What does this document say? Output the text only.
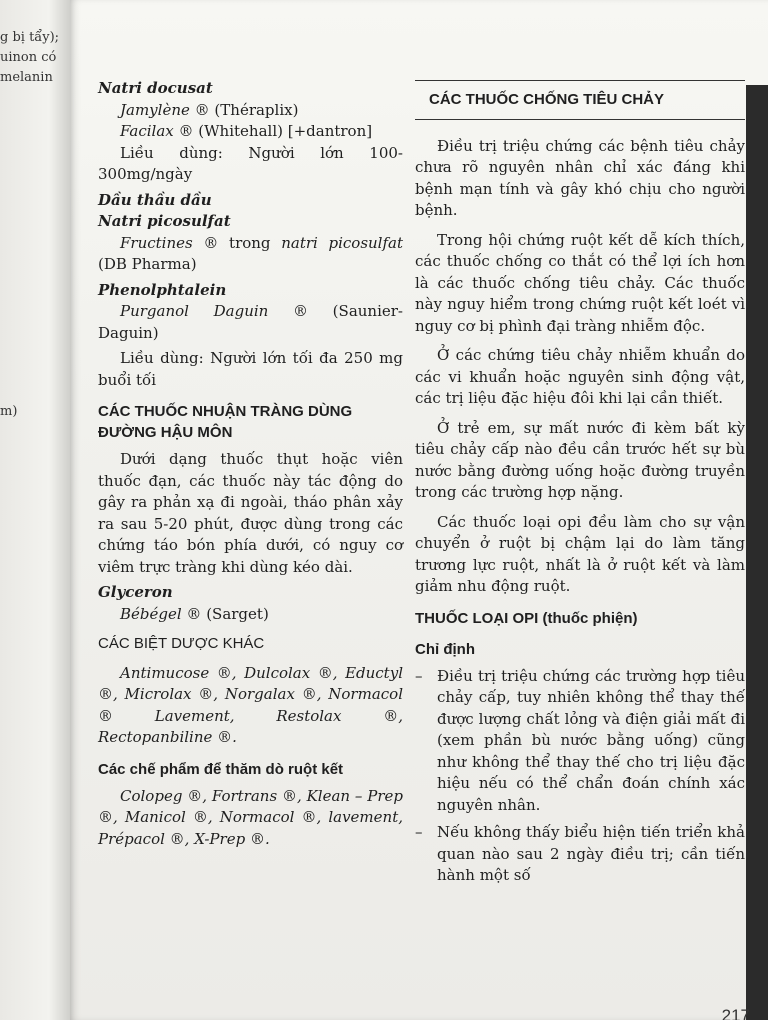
g bị tẩy);
uinon có
melanin
m)
Natri docusat
Jamylène ® (Théraplix)
Facilax ® (Whitehall) [+dantron]
Liều dùng: Người lớn 100-300mg/ngày
Dầu thầu dầu
Natri picosulfat
Fructines ® trong natri picosulfat (DB Pharma)
Phenolphtalein
Purganol Daguin ® (Saunier-Daguin)
Liều dùng: Người lớn tối đa 250 mg buổi tối
CÁC THUỐC NHUẬN TRÀNG DÙNG ĐƯỜNG HẬU MÔN
Dưới dạng thuốc thụt hoặc viên thuốc đạn, các thuốc này tác động do gây ra phản xạ đi ngoài, tháo phân xảy ra sau 5-20 phút, được dùng trong các chứng táo bón phía dưới, có nguy cơ viêm trực tràng khi dùng kéo dài.
Glyceron
Bébégel ® (Sarget)
CÁC BIỆT DƯỢC KHÁC
Antimucose ®, Dulcolax ®, Eductyl ®, Microlax ®, Norgalax ®, Normacol ® Lavement, Restolax ®, Rectopanbiline ®.
Các chế phẩm để thăm dò ruột kết
Colopeg ®, Fortrans ®, Klean – Prep ®, Manicol ®, Normacol ®, lavement, Prépacol ®, X-Prep ®.
CÁC THUỐC CHỐNG TIÊU CHẢY
Điều trị triệu chứng các bệnh tiêu chảy chưa rõ nguyên nhân chỉ xác đáng khi bệnh mạn tính và gây khó chịu cho người bệnh.
Trong hội chứng ruột kết dễ kích thích, các thuốc chống co thắt có thể lợi ích hơn là các thuốc chống tiêu chảy. Các thuốc này nguy hiểm trong chứng ruột kết loét vì nguy cơ bị phình đại tràng nhiễm độc.
Ở các chứng tiêu chảy nhiễm khuẩn do các vi khuẩn hoặc nguyên sinh động vật, các trị liệu đặc hiệu đôi khi lại cần thiết.
Ở trẻ em, sự mất nước đi kèm bất kỳ tiêu chảy cấp nào đều cần trước hết sự bù nước bằng đường uống hoặc đường truyền trong các trường hợp nặng.
Các thuốc loại opi đều làm cho sự vận chuyển ở ruột bị chậm lại do làm tăng trương lực ruột, nhất là ở ruột kết và làm giảm nhu động ruột.
THUỐC LOẠI OPI (thuốc phiện)
Chỉ định
– Điều trị triệu chứng các trường hợp tiêu chảy cấp, tuy nhiên không thể thay thế được lượng chất lỏng và điện giải mất đi (xem phần bù nước bằng uống) cũng như không thể thay thế cho trị liệu đặc hiệu nếu có thể chẩn đoán chính xác nguyên nhân.
– Nếu không thấy biểu hiện tiến triển khả quan nào sau 2 ngày điều trị; cần tiến hành một số
217
